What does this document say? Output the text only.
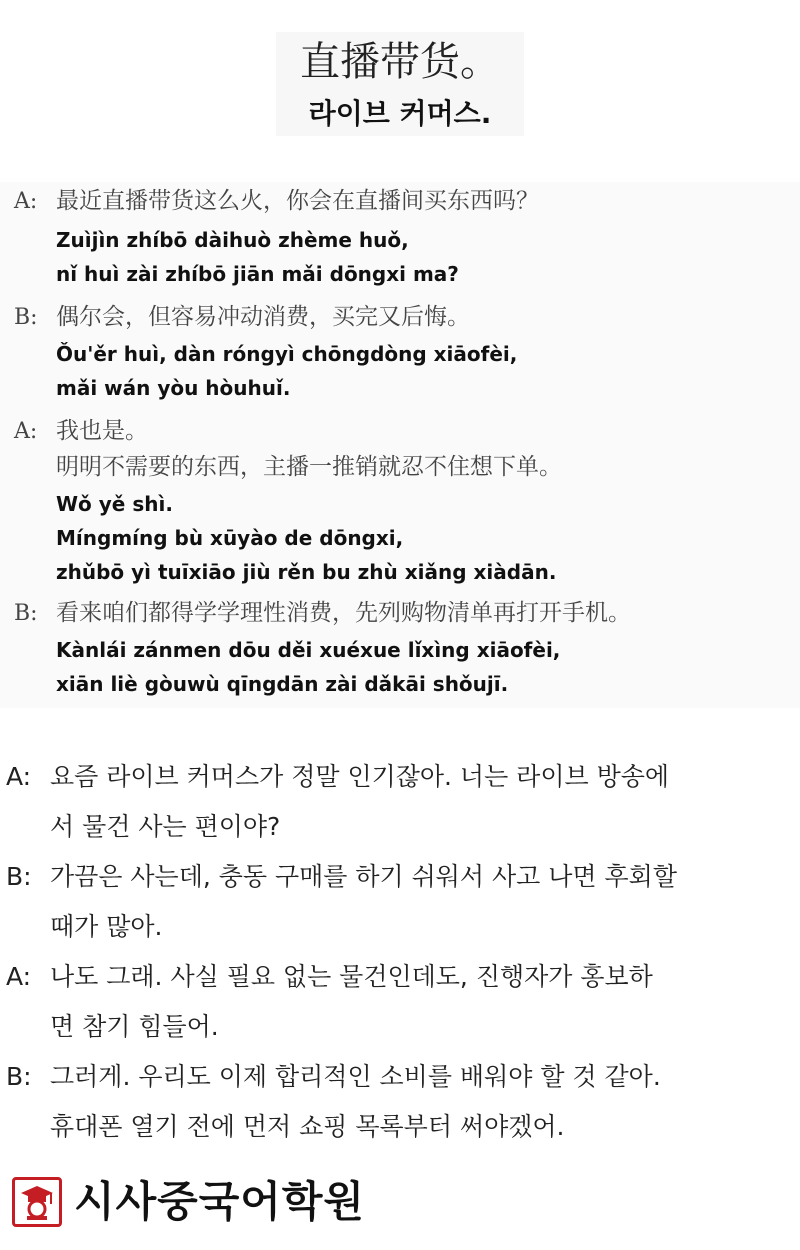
直播带货。
라이브 커머스.
A: 最近直播带货这么火，你会在直播间买东西吗？
Zuìjìn zhíbō dàihuò zhème huǒ,
nǐ huì zài zhíbō jiān mǎi dōngxi ma?
B: 偶尔会，但容易冲动消费，买完又后悔。
Ǒu'ěr huì, dàn róngyì chōngdòng xiāofèi,
mǎi wán yòu hòuhuǐ.
A: 我也是。
明明不需要的东西，主播一推销就忍不住想下单。
Wǒ yě shì.
Míngmíng bù xūyào de dōngxi,
zhǔbō yì tuīxiāo jiù rěn bu zhù xiǎng xiàdān.
B: 看来咱们都得学学理性消费，先列购物清单再打开手机。
Kànlái zánmen dōu děi xuéxue lǐxìng xiāofèi,
xiān liè gòuwù qīngdān zài dǎkāi shǒujī.
A: 요즘 라이브 커머스가 정말 인기잖아. 너는 라이브 방송에
서 물건 사는 편이야?
B: 가끔은 사는데, 충동 구매를 하기 쉬워서 사고 나면 후회할
때가 많아.
A: 나도 그래. 사실 필요 없는 물건인데도, 진행자가 홍보하
면 참기 힘들어.
B: 그러게. 우리도 이제 합리적인 소비를 배워야 할 것 같아.
휴대폰 열기 전에 먼저 쇼핑 목록부터 써야겠어.
시사중국어학원
